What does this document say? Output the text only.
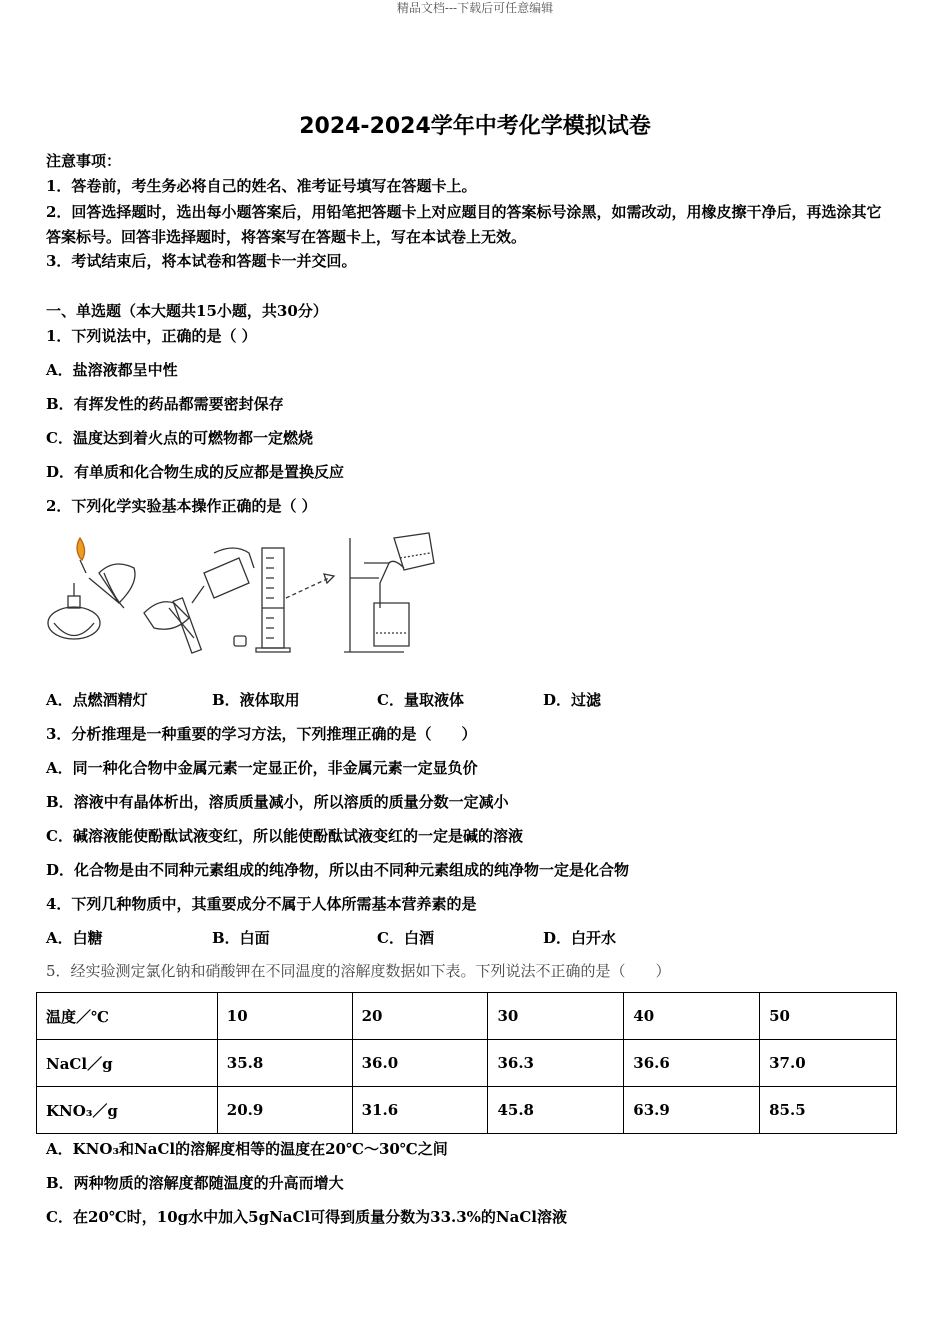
精品文档---下载后可任意编辑
2024-2024学年中考化学模拟试卷
注意事项：
1．答卷前，考生务必将自己的姓名、准考证号填写在答题卡上。
2．回答选择题时，选出每小题答案后，用铅笔把答题卡上对应题目的答案标号涂黑，如需改动，用橡皮擦干净后，再选涂其它答案标号。回答非选择题时，将答案写在答题卡上，写在本试卷上无效。
3．考试结束后，将本试卷和答题卡一并交回。
一、单选题（本大题共15小题，共30分）
1．下列说法中，正确的是（ ）
A．盐溶液都呈中性
B．有挥发性的药品都需要密封保存
C．温度达到着火点的可燃物都一定燃烧
D．有单质和化合物生成的反应都是置换反应
2．下列化学实验基本操作正确的是（ ）
A．点燃酒精灯	B．液体取用	C．量取液体	D．过滤
3．分析推理是一种重要的学习方法，下列推理正确的是（　　）
A．同一种化合物中金属元素一定显正价，非金属元素一定显负价
B．溶液中有晶体析出，溶质质量减小，所以溶质的质量分数一定减小
C．碱溶液能使酚酞试液变红，所以能使酚酞试液变红的一定是碱的溶液
D．化合物是由不同种元素组成的纯净物，所以由不同种元素组成的纯净物一定是化合物
4．下列几种物质中，其重要成分不属于人体所需基本营养素的是
A．白糖	B．白面	C．白酒	D．白开水
5．经实验测定氯化钠和硝酸钾在不同温度的溶解度数据如下表。下列说法不正确的是（　　）
温度／℃	10	20	30	40	50
NaCl／g	35.8	36.0	36.3	36.6	37.0
KNO₃／g	20.9	31.6	45.8	63.9	85.5
A．KNO₃和NaCl的溶解度相等的温度在20℃～30℃之间
B．两种物质的溶解度都随温度的升高而增大
C．在20℃时，10g水中加入5gNaCl可得到质量分数为33.3%的NaCl溶液
